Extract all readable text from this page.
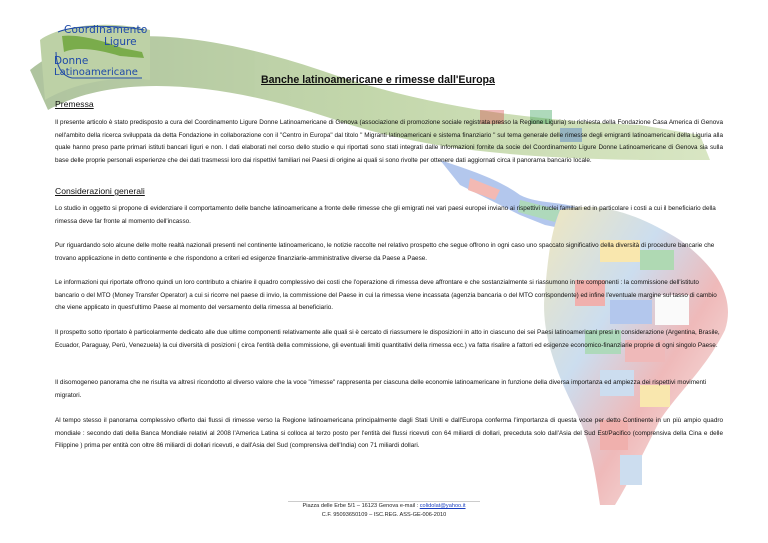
Coordinamento
Ligure
Donne
Latinoamericane
Banche latinoamericane e rimesse dall'Europa
Premessa
Il presente articolo è stato predisposto a cura del Coordinamento Ligure Donne Latinoamericane di Genova (associazione di promozione sociale registrata presso la Regione Liguria) su richiesta della Fondazione Casa America di Genova nell'ambito della ricerca sviluppata da detta Fondazione in collaborazione con il "Centro in Europa" dal titolo " Migranti latinoamericani e sistema finanziario " sul tema generale delle rimesse degli emigranti latinoamericani della Liguria alla quale hanno preso parte primari istituti bancari liguri e non. I dati elaborati nel corso dello studio e qui riportati sono stati integrati dalle informazioni fornite da socie del Coordinamento Ligure Donne Latinoamericane di Genova sia sulla base delle proprie personali esperienze che dei dati trasmessi loro dai rispettivi familiari nei Paesi di origine ai quali si sono rivolte per ottenere dati aggiornati circa il panorama bancario locale.
Considerazioni generali
Lo studio in oggetto si propone di evidenziare il comportamento delle banche latinoamericane a fronte delle rimesse che gli emigrati nei vari paesi europei inviano ai rispettivi nuclei familiari ed in particolare i costi a cui il beneficiario della rimessa deve far fronte al momento dell'incasso.
Pur riguardando solo alcune delle molte realtà nazionali presenti nel continente latinoamericano, le notizie raccolte nel relativo prospetto che segue offrono in ogni caso uno spaccato significativo della diversità di procedure bancarie che trovano applicazione in detto continente e che rispondono a criteri ed esigenze finanziarie-amministrative diverse da Paese a Paese.
Le informazioni qui riportate offrono quindi un loro contributo a chiarire il quadro complessivo dei costi che l'operazione di rimessa deve affrontare e che sostanzialmente si riassumono in tre componenti : la commissione dell'istituto bancario o del MTO (Money Transfer Operator) a cui si ricorre nel paese di invio, la commissione del Paese in cui la rimessa viene incassata (agenzia bancaria o del MTO corrispondente) ed infine l'eventuale margine sul tasso di cambio che viene applicato in quest'ultimo Paese al momento del versamento della rimessa al beneficiario.
Il prospetto sotto riportato è particolarmente dedicato alle due ultime componenti relativamente alle quali si è cercato di riassumere le disposizioni in atto in ciascuno dei sei Paesi latinoamericani presi in considerazione (Argentina, Brasile, Ecuador, Paraguay, Perù, Venezuela) la cui diversità di posizioni ( circa l'entità della commissione, gli eventuali limiti quantitativi della rimessa ecc.) va fatta risalire a fattori ed esigenze economico-finanziarie proprie di ogni singolo Paese.
Il disomogeneo panorama che ne risulta va altresì ricondotto al diverso valore che la voce "rimesse" rappresenta per ciascuna delle economie latinoamericane in funzione della diversa importanza ed ampiezza dei rispettivi movimenti migratori.
Al tempo stesso il panorama complessivo offerto dai flussi di rimesse verso la Regione latinoamericana principalmente dagli Stati Uniti e dall'Europa conferma l'importanza di questa voce per detto Continente in un più ampio quadro mondiale : secondo dati della Banca Mondiale relativi al 2008 l'America Latina si colloca al terzo posto per l'entità dei flussi ricevuti con 64 miliardi di dollari, preceduta solo dall'Asia del Sud Est/Pacifico (comprensiva della Cina e delle Filippine ) prima per entità con oltre 86 miliardi di dollari ricevuti, e dall'Asia del Sud (comprensiva dell'India) con 71 miliardi dollari.
Piazza delle Erbe 5/1 – 16123 Genova e-mail : colidolat@yahoo.it
C.F. 95093650109 – ISC.REG. ASS-GE-006-2010
